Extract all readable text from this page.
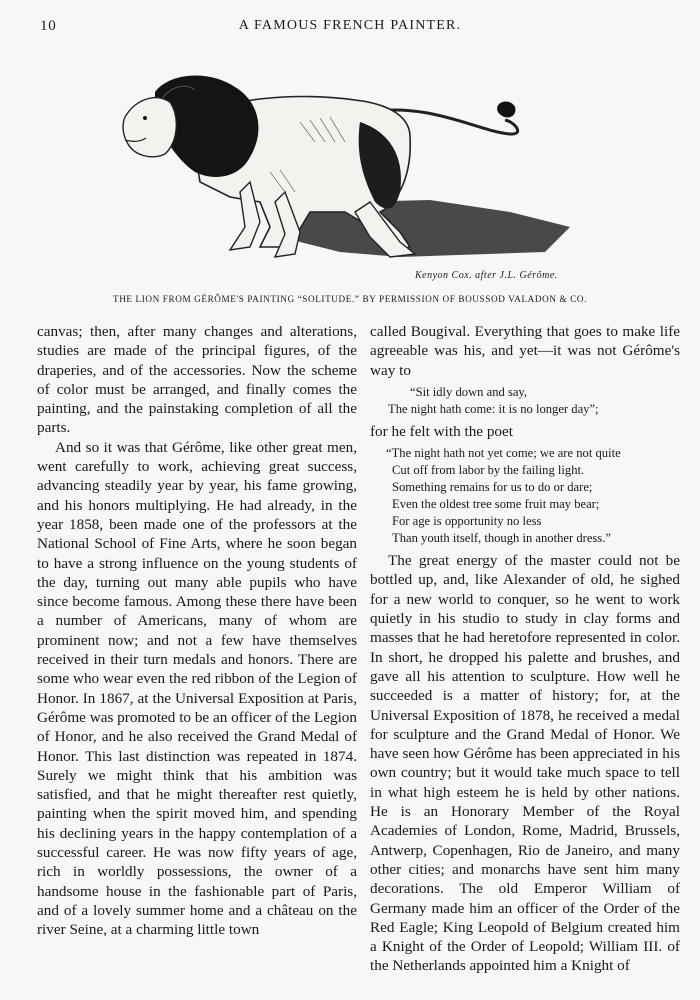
10	A FAMOUS FRENCH PAINTER.
Kenyon Cox. after J.L. Gérôme.
THE LION FROM GÉRÔME'S PAINTING “SOLITUDE.” BY PERMISSION OF BOUSSOD VALADON & CO.

canvas; then, after many changes and alterations, studies are made of the principal figures, of the draperies, and of the accessories. Now the scheme of color must be arranged, and finally comes the painting, and the painstaking completion of all the parts.

And so it was that Gérôme, like other great men, went carefully to work, achieving great success, advancing steadily year by year, his fame growing, and his honors multiplying. He had already, in the year 1858, been made one of the professors at the National School of Fine Arts, where he soon began to have a strong influence on the young students of the day, turning out many able pupils who have since become famous. Among these there have been a number of Americans, many of whom are prominent now; and not a few have themselves received in their turn medals and honors. There are some who wear even the red ribbon of the Legion of Honor. In 1867, at the Universal Exposition at Paris, Gérôme was promoted to be an officer of the Legion of Honor, and he also received the Grand Medal of Honor. This last distinction was repeated in 1874. Surely we might think that his ambition was satisfied, and that he might thereafter rest quietly, painting when the spirit moved him, and spending his declining years in the happy contemplation of a successful career. He was now fifty years of age, rich in worldly possessions, the owner of a handsome house in the fashionable part of Paris, and of a lovely summer home and a château on the river Seine, at a charming little town

called Bougival. Everything that goes to make life agreeable was his, and yet—it was not Gérôme's way to

“Sit idly down and say,
The night hath come: it is no longer day”;

for he felt with the poet

“The night hath not yet come; we are not quite
Cut off from labor by the failing light.
Something remains for us to do or dare;
Even the oldest tree some fruit may bear;
For age is opportunity no less
Than youth itself, though in another dress.”

The great energy of the master could not be bottled up, and, like Alexander of old, he sighed for a new world to conquer, so he went to work quietly in his studio to study in clay forms and masses that he had heretofore represented in color. In short, he dropped his palette and brushes, and gave all his attention to sculpture. How well he succeeded is a matter of history; for, at the Universal Exposition of 1878, he received a medal for sculpture and the Grand Medal of Honor. We have seen how Gérôme has been appreciated in his own country; but it would take much space to tell in what high esteem he is held by other nations. He is an Honorary Member of the Royal Academies of London, Rome, Madrid, Brussels, Antwerp, Copenhagen, Rio de Janeiro, and many other cities; and monarchs have sent him many decorations. The old Emperor William of Germany made him an officer of the Order of the Red Eagle; King Leopold of Belgium created him a Knight of the Order of Leopold; William III. of the Netherlands appointed him a Knight of
